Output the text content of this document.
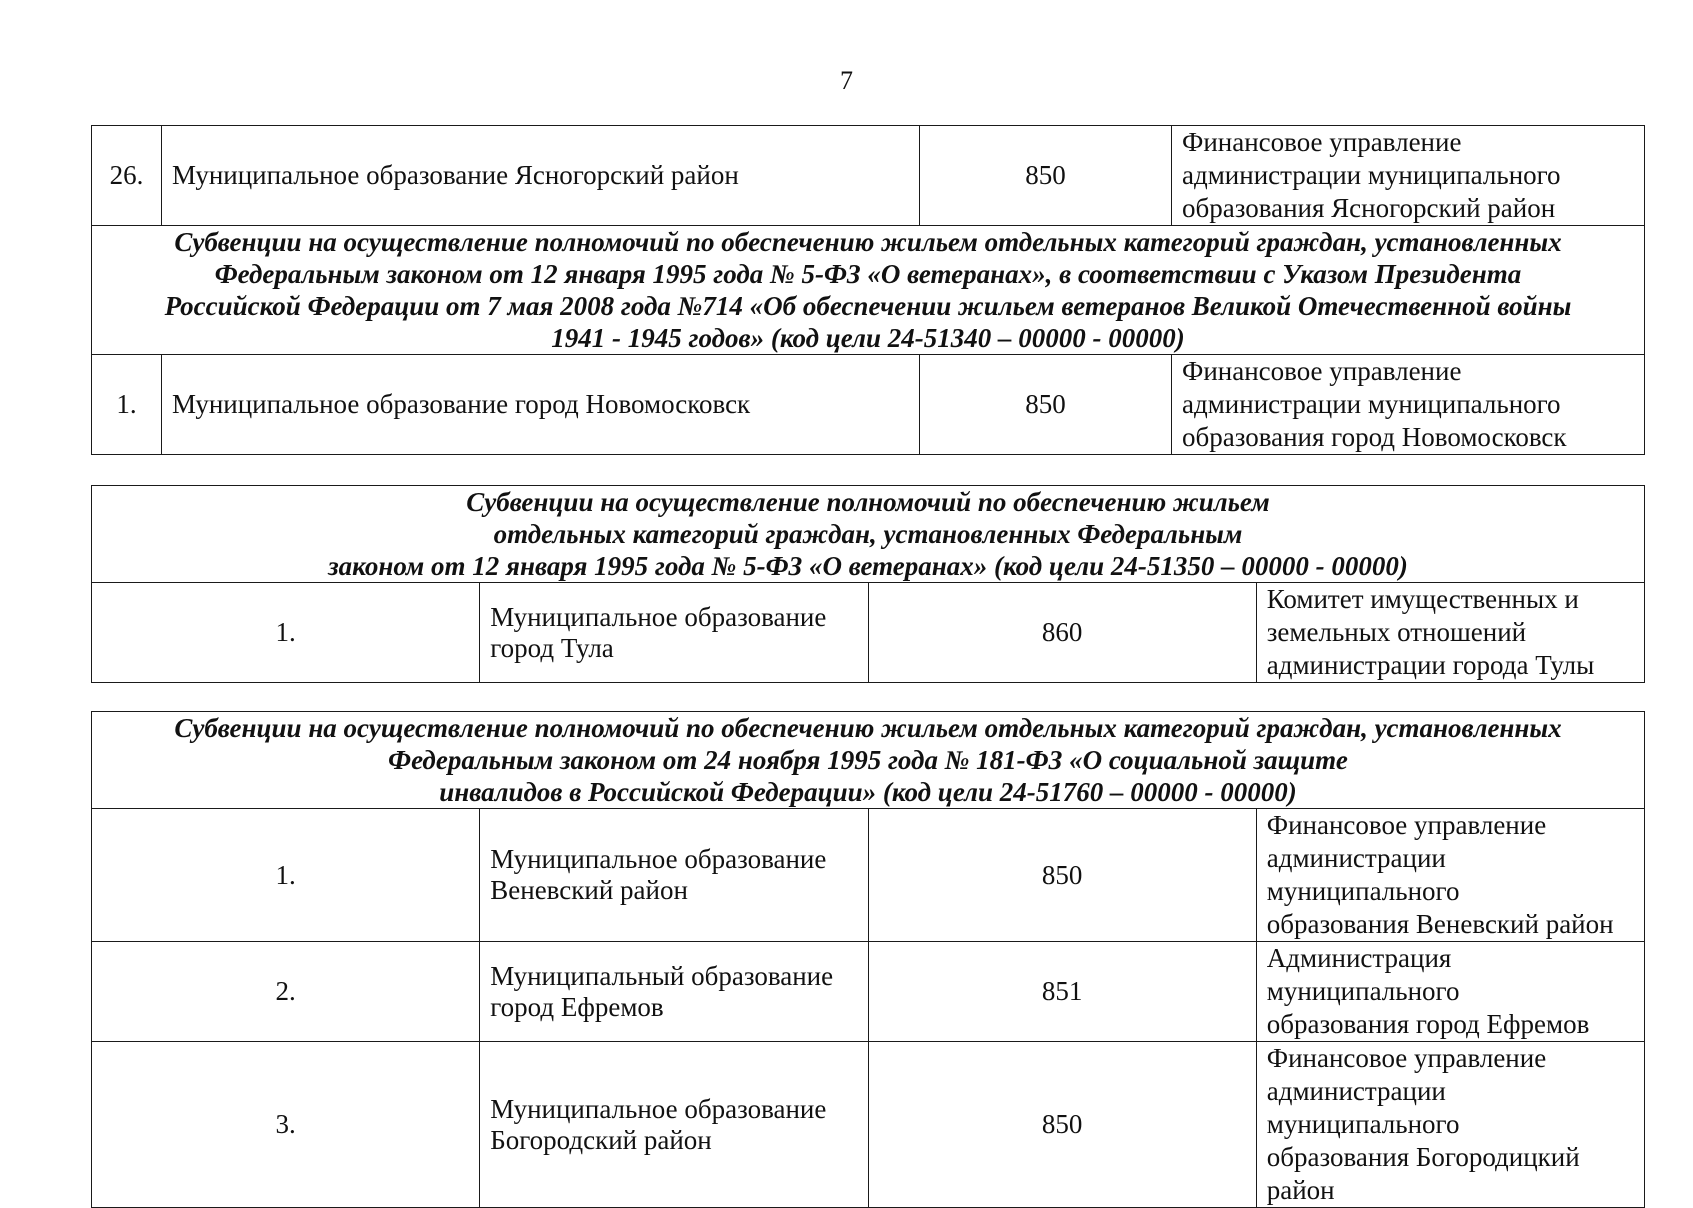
7
26.	Муниципальное образование Ясногорский район	850	Финансовое управление
администрации муниципального
образования Ясногорский район

Субвенции на осуществление полномочий по обеспечению жильем отдельных категорий граждан, установленных
Федеральным законом от 12 января 1995 года № 5-ФЗ «О ветеранах», в соответствии с Указом Президента
Российской Федерации от 7 мая 2008 года №714 «Об обеспечении жильем ветеранов Великой Отечественной войны
1941 - 1945 годов» (код цели 24-51340 – 00000 - 00000)			

1.	Муниципальное образование город Новомосковск	850	Финансовое управление
администрации муниципального
образования город Новомосковск
Субвенции на осуществление полномочий по обеспечению жильем
отдельных категорий граждан, установленных Федеральным
законом от 12 января 1995 года № 5-ФЗ «О ветеранах» (код цели 24-51350 – 00000 - 00000)

1.	Муниципальное образование город Тула	860	
Комитет имущественных и
земельных отношений
администрации города Тулы
Субвенции на осуществление полномочий по обеспечению жильем отдельных категорий граждан, установленных
Федеральным законом от 24 ноября 1995 года № 181-ФЗ «О социальной защите
инвалидов в Российской Федерации» (код цели 24-51760 – 00000 - 00000)			

1.	Муниципальное образование Веневский район	850	Финансовое управление
администрации муниципального
образования Веневский район

2.	Муниципальный образование город Ефремов	851	Администрация муниципального
образования город Ефремов

3.	Муниципальное образование Богородский район	850	Финансовое управление
администрации муниципального
образования Богородицкий район
